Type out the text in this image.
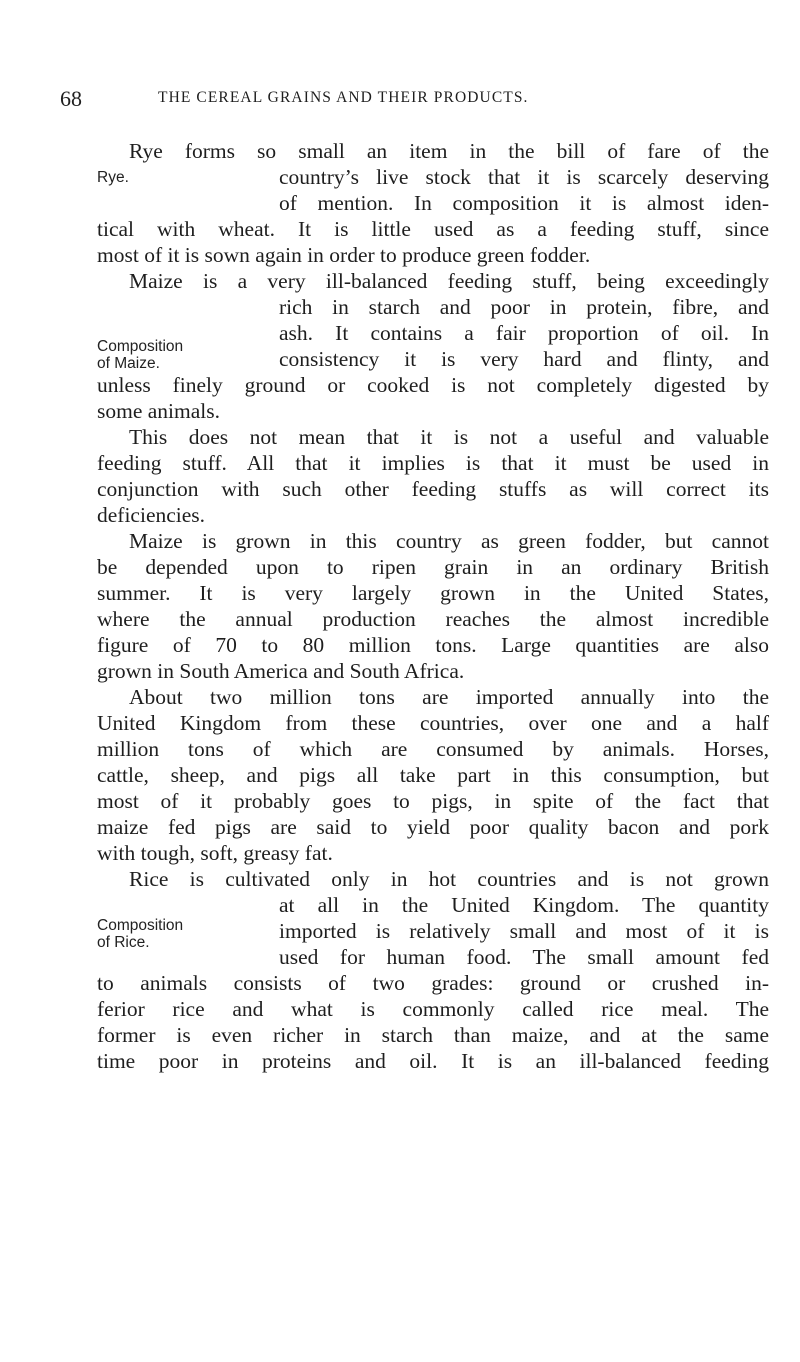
68	THE CEREAL GRAINS AND THEIR PRODUCTS.
Rye.
Composition
of Maize.
Composition
of Rice.
Rye forms so small an item in the bill of fare of the
country’s live stock that it is scarcely deserving
of mention. In composition it is almost iden-
tical with wheat. It is little used as a feeding stuff, since
most of it is sown again in order to produce green fodder.
Maize is a very ill-balanced feeding stuff, being exceedingly
rich in starch and poor in protein, fibre, and
ash. It contains a fair proportion of oil. In
consistency it is very hard and flinty, and
unless finely ground or cooked is not completely digested by
some animals.
This does not mean that it is not a useful and valuable
feeding stuff. All that it implies is that it must be used in
conjunction with such other feeding stuffs as will correct its
deficiencies.
Maize is grown in this country as green fodder, but cannot
be depended upon to ripen grain in an ordinary British
summer. It is very largely grown in the United States,
where the annual production reaches the almost incredible
figure of 70 to 80 million tons. Large quantities are also
grown in South America and South Africa.
About two million tons are imported annually into the
United Kingdom from these countries, over one and a half
million tons of which are consumed by animals. Horses,
cattle, sheep, and pigs all take part in this consumption, but
most of it probably goes to pigs, in spite of the fact that
maize fed pigs are said to yield poor quality bacon and pork
with tough, soft, greasy fat.
Rice is cultivated only in hot countries and is not grown
at all in the United Kingdom. The quantity
imported is relatively small and most of it is
used for human food. The small amount fed
to animals consists of two grades: ground or crushed in-
ferior rice and what is commonly called rice meal. The
former is even richer in starch than maize, and at the same
time poor in proteins and oil. It is an ill-balanced feeding
